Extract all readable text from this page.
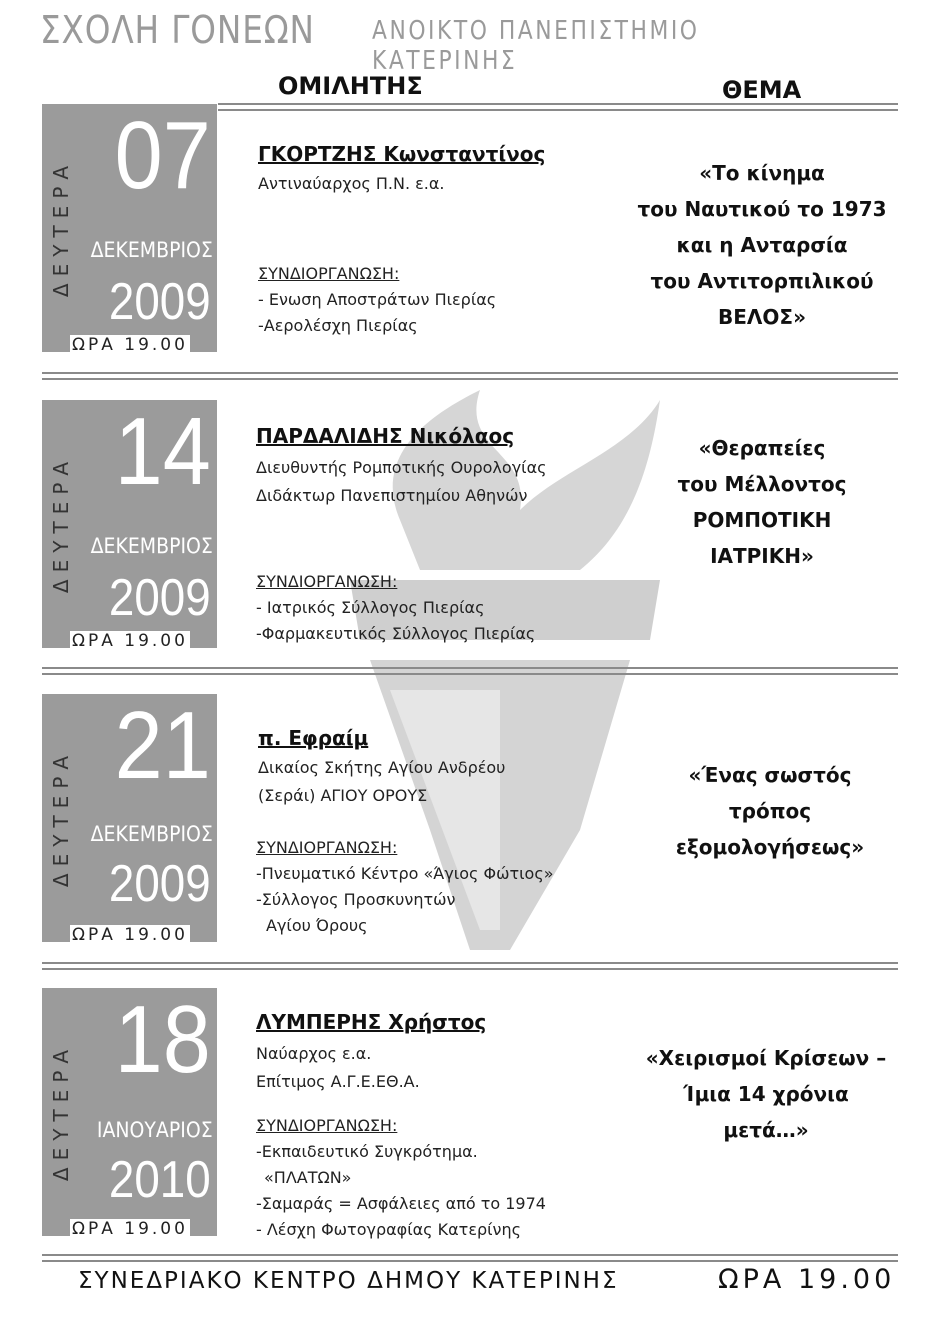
ΣΧΟΛΗ ΓΟΝΕΩΝ ΑΝΟΙΚΤΟ ΠΑΝΕΠΙΣΤΗΜΙΟ ΚΑΤΕΡΙΝΗΣ
ΟΜΙΛΗΤΗΣ	ΘΕΜΑ
ΔΕΥΤΕΡΑ
07
ΔΕΚΕΜΒΡΙΟΣ
2009
ΩΡΑ 19.00
ΓΚΟΡΤΖΗΣ Κωνσταντίνος
Αντιναύαρχος Π.Ν. ε.α.
ΣΥΝΔΙΟΡΓΑΝΩΣΗ:
- Ενωση Αποστράτων Πιερίας
-Αερολέσχη Πιερίας
«Το κίνημα
του Ναυτικού το 1973
και η Ανταρσία
του Αντιτορπιλικού
ΒΕΛΟΣ»
ΔΕΥΤΕΡΑ
14
ΔΕΚΕΜΒΡΙΟΣ
2009
ΩΡΑ 19.00
ΠΑΡΔΑΛΙΔΗΣ Νικόλαος
Διευθυντής Ρομποτικής Ουρολογίας
Διδάκτωρ Πανεπιστημίου Αθηνών
ΣΥΝΔΙΟΡΓΑΝΩΣΗ:
- Ιατρικός Σύλλογος Πιερίας
-Φαρμακευτικός Σύλλογος Πιερίας
«Θεραπείες
του Μέλλοντος
ΡΟΜΠΟΤΙΚΗ
ΙΑΤΡΙΚΗ»
ΔΕΥΤΕΡΑ
21
ΔΕΚΕΜΒΡΙΟΣ
2009
ΩΡΑ 19.00
π. Εφραίμ
Δικαίος Σκήτης Αγίου Ανδρέου
(Σεράι) ΑΓΙΟΥ ΟΡΟΥΣ
ΣΥΝΔΙΟΡΓΑΝΩΣΗ:
-Πνευματικό Κέντρο «Άγιος Φώτιος»
-Σύλλογος Προσκυνητών
Αγίου Όρους
«Ένας σωστός
τρόπος
εξομολογήσεως»
ΔΕΥΤΕΡΑ
18
ΙΑΝΟΥΑΡΙΟΣ
2010
ΩΡΑ 19.00
ΛΥΜΠΕΡΗΣ Χρήστος
Ναύαρχος ε.α.
Επίτιμος Α.Γ.Ε.ΕΘ.Α.
ΣΥΝΔΙΟΡΓΑΝΩΣΗ:
-Εκπαιδευτικό Συγκρότημα.
«ΠΛΑΤΩΝ»
-Σαμαράς = Ασφάλειες από το 1974
- Λέσχη Φωτογραφίας Κατερίνης
«Χειρισμοί Κρίσεων –
Ίμια 14 χρόνια
μετά…»
ΣΥΝΕΔΡΙΑΚΟ ΚΕΝΤΡΟ ΔΗΜΟΥ ΚΑΤΕΡΙΝΗΣ	ΩΡΑ 19.00
